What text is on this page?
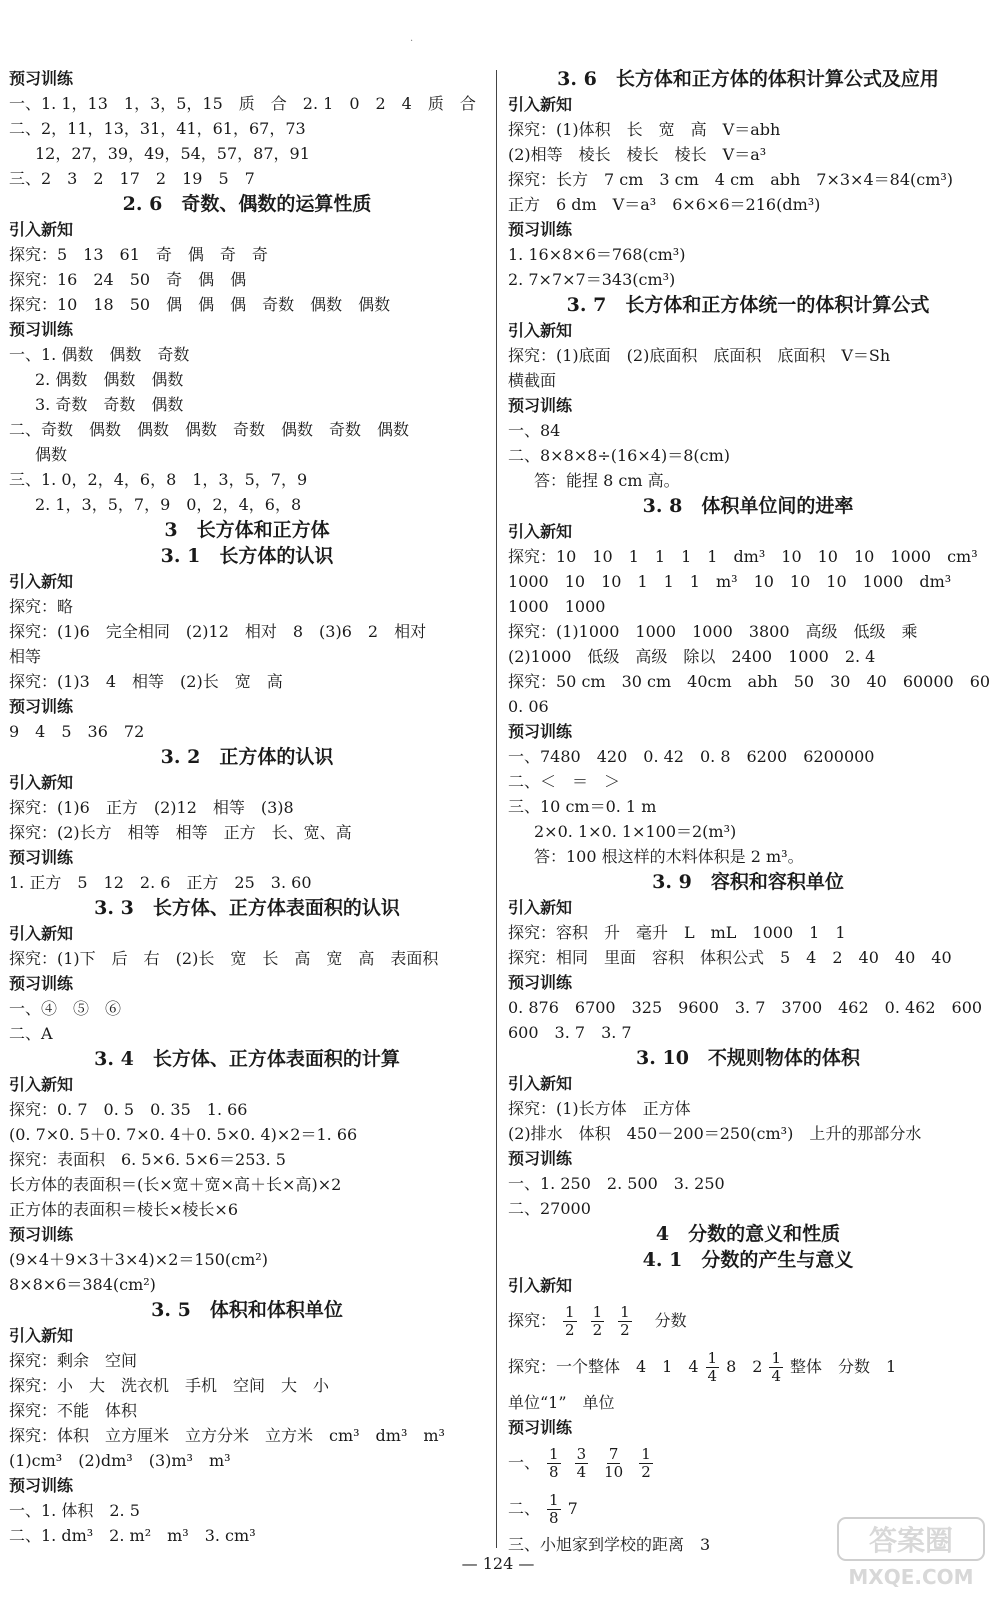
·
预习训练
一、1. 1，13　1，3，5，15　质　合　2. 1　0　2　4　质　合
二、2，11，13，31，41，61，67，73
12，27，39，49，54，57，87，91
三、2　3　2　17　2　19　5　7
2. 6　奇数、偶数的运算性质
引入新知
探究：5　13　61　奇　偶　奇　奇
探究：16　24　50　奇　偶　偶
探究：10　18　50　偶　偶　偶　奇数　偶数　偶数
预习训练
一、1. 偶数　偶数　奇数
2. 偶数　偶数　偶数
3. 奇数　奇数　偶数
二、奇数　偶数　偶数　偶数　奇数　偶数　奇数　偶数
偶数
三、1. 0，2，4，6，8　1，3，5，7，9
2. 1，3，5，7，9　0，2，4，6，8
3　长方体和正方体
3. 1　长方体的认识
引入新知
探究：略
探究：(1)6　完全相同　(2)12　相对　8　(3)6　2　相对
相等
探究：(1)3　4　相等　(2)长　宽　高
预习训练
9　4　5　36　72
3. 2　正方体的认识
引入新知
探究：(1)6　正方　(2)12　相等　(3)8
探究：(2)长方　相等　相等　正方　长、宽、高
预习训练
1. 正方　5　12　2. 6　正方　25　3. 60
3. 3　长方体、正方体表面积的认识
引入新知
探究：(1)下　后　右　(2)长　宽　长　高　宽　高　表面积
预习训练
一、④　⑤　⑥
二、A
3. 4　长方体、正方体表面积的计算
引入新知
探究：0. 7　0. 5　0. 35　1. 66
(0. 7×0. 5＋0. 7×0. 4＋0. 5×0. 4)×2＝1. 66
探究：表面积　6. 5×6. 5×6＝253. 5
长方体的表面积＝(长×宽＋宽×高＋长×高)×2
正方体的表面积＝棱长×棱长×6
预习训练
(9×4＋9×3＋3×4)×2＝150(cm²)
8×8×6＝384(cm²)
3. 5　体积和体积单位
引入新知
探究：剩余　空间
探究：小　大　洗衣机　手机　空间　大　小
探究：不能　体积
探究：体积　立方厘米　立方分米　立方米　cm³　dm³　m³
(1)cm³　(2)dm³　(3)m³　m³
预习训练
一、1. 体积　2. 5
二、1. dm³　2. m²　m³　3. cm³
3. 6　长方体和正方体的体积计算公式及应用
引入新知
探究：(1)体积　长　宽　高　V＝abh
(2)相等　棱长　棱长　棱长　V＝a³
探究：长方　7 cm　3 cm　4 cm　abh　7×3×4＝84(cm³)
正方　6 dm　V＝a³　6×6×6＝216(dm³)
预习训练
1. 16×8×6＝768(cm³)
2. 7×7×7＝343(cm³)
3. 7　长方体和正方体统一的体积计算公式
引入新知
探究：(1)底面　(2)底面积　底面积　底面积　V＝Sh
横截面
预习训练
一、84
二、8×8×8÷(16×4)＝8(cm)
答：能捏 8 cm 高。
3. 8　体积单位间的进率
引入新知
探究：10　10　1　1　1　1　dm³　10　10　10　1000　cm³
1000　10　10　1　1　1　m³　10　10　10　1000　dm³
1000　1000
探究：(1)1000　1000　1000　3800　高级　低级　乘
(2)1000　低级　高级　除以　2400　1000　2. 4
探究：50 cm　30 cm　40cm　abh　50　30　40　60000　60
0. 06
预习训练
一、7480　420　0. 42　0. 8　6200　6200000
二、＜　＝　＞
三、10 cm＝0. 1 m
2×0. 1×0. 1×100＝2(m³)
答：100 根这样的木料体积是 2 m³。
3. 9　容积和容积单位
引入新知
探究：容积　升　毫升　L　mL　1000　1　1
探究：相同　里面　容积　体积公式　5　4　2　40　40　40
预习训练
0. 876　6700　325　9600　3. 7　3700　462　0. 462　600
600　3. 7　3. 7
3. 10　不规则物体的体积
引入新知
探究：(1)长方体　正方体
(2)排水　体积　450－200＝250(cm³)　上升的那部分水
预习训练
一、1. 250　2. 500　3. 250
二、27000
4　分数的意义和性质
4. 1　分数的产生与意义
引入新知
探究： $\frac{1}{2} \frac{1}{2} \frac{1}{2}$ 　分数
探究：一个整体　4　1　$4 \frac{1}{4} 8$　$2 \frac{1}{4}$ 整体　分数　1
单位“1”　单位
预习训练
一、 $\frac{1}{8} \frac{3}{4} \frac{7}{10} \frac{1}{2}$
二、 $\frac{1}{8} 7$
三、小旭家到学校的距离　3
— 124 —
答案圈
MXQE.COM
